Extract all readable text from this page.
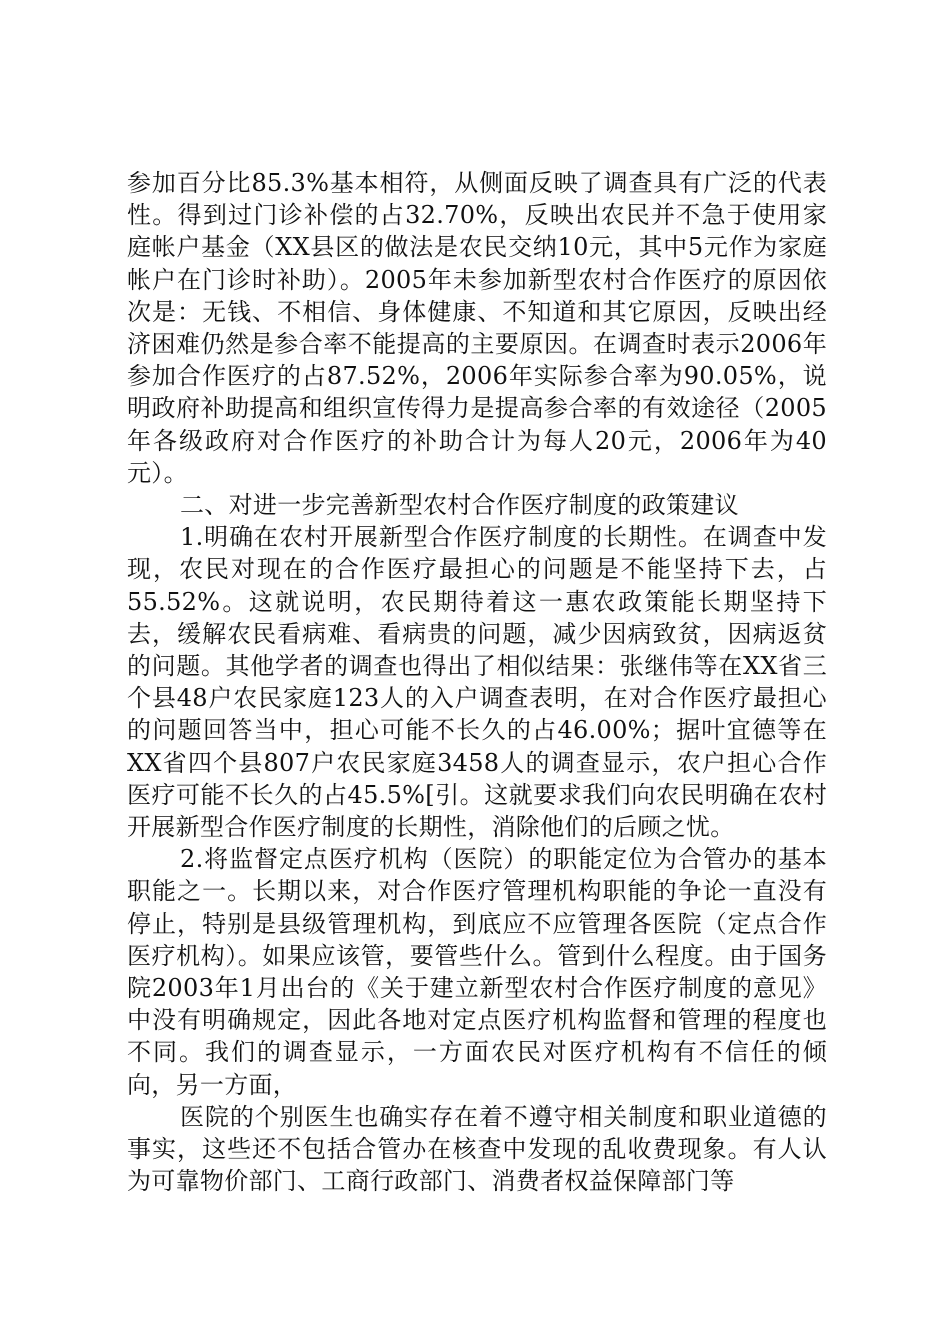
参加百分比85.3%基本相符，从侧面反映了调查具有广泛的代表性。得到过门诊补偿的占32.70%，反映出农民并不急于使用家庭帐户基金（XX县区的做法是农民交纳10元，其中5元作为家庭帐户在门诊时补助）。2005年未参加新型农村合作医疗的原因依次是：无钱、不相信、身体健康、不知道和其它原因，反映出经济困难仍然是参合率不能提高的主要原因。在调查时表示2006年参加合作医疗的占87.52%，2006年实际参合率为90.05%，说明政府补助提高和组织宣传得力是提高参合率的有效途径（2005年各级政府对合作医疗的补助合计为每人20元，2006年为40元）。

二、对进一步完善新型农村合作医疗制度的政策建议

1.明确在农村开展新型合作医疗制度的长期性。在调查中发现，农民对现在的合作医疗最担心的问题是不能坚持下去，占55.52%。这就说明，农民期待着这一惠农政策能长期坚持下去，缓解农民看病难、看病贵的问题，减少因病致贫，因病返贫的问题。其他学者的调查也得出了相似结果：张继伟等在XX省三个县48户农民家庭123人的入户调查表明，在对合作医疗最担心的问题回答当中，担心可能不长久的占46.00%；据叶宜德等在XX省四个县807户农民家庭3458人的调查显示，农户担心合作医疗可能不长久的占45.5%[引。这就要求我们向农民明确在农村开展新型合作医疗制度的长期性，消除他们的后顾之忧。

2.将监督定点医疗机构（医院）的职能定位为合管办的基本职能之一。长期以来，对合作医疗管理机构职能的争论一直没有停止，特别是县级管理机构，到底应不应管理各医院（定点合作医疗机构）。如果应该管，要管些什么。管到什么程度。由于国务院2003年1月出台的《关于建立新型农村合作医疗制度的意见》中没有明确规定，因此各地对定点医疗机构监督和管理的程度也不同。我们的调查显示，一方面农民对医疗机构有不信任的倾向，另一方面，

医院的个别医生也确实存在着不遵守相关制度和职业道德的事实，这些还不包括合管办在核查中发现的乱收费现象。有人认为可靠物价部门、工商行政部门、消费者权益保障部门等
